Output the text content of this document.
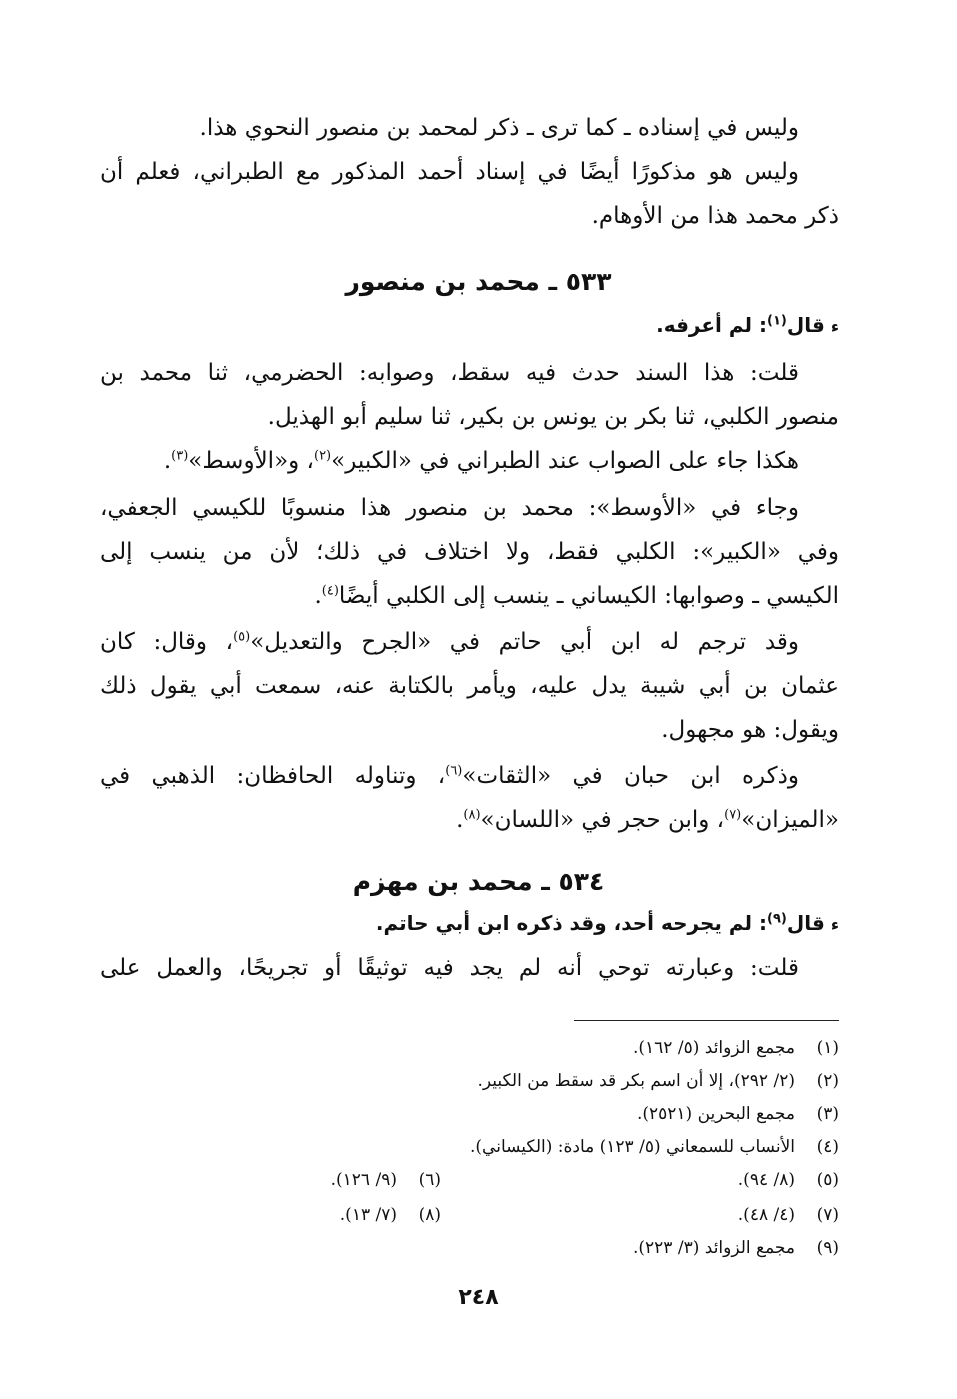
وليس في إسناده ـ كما ترى ـ ذكر لمحمد بن منصور النحوي هذا.
وليس هو مذكورًا أيضًا في إسناد أحمد المذكور مع الطبراني، فعلم أن
ذكر محمد هذا من الأوهام.
٥٣٣ ـ محمد بن منصور
ءقال$^{(١)}$: لم أعرفه.
قلت: هذا السند حدث فيه سقط، وصوابه: الحضرمي، ثنا محمد بن
منصور الكلبي، ثنا بكر بن يونس بن بكير، ثنا سليم أبو الهذيل.
هكذا جاء على الصواب عند الطبراني في «الكبير»$^{(٢)}$، و«الأوسط»$^{(٣)}$.
وجاء في «الأوسط»: محمد بن منصور هذا منسوبًا للكيسي الجعفي،
وفي «الكبير»: الكلبي فقط، ولا اختلاف في ذلك؛ لأن من ينسب إلى
الكيسي ـ وصوابها: الكيساني ـ ينسب إلى الكلبي أيضًا$^{(٤)}$.
وقد ترجم له ابن أبي حاتم في «الجرح والتعديل»$^{(٥)}$، وقال: كان
عثمان بن أبي شيبة يدل عليه، ويأمر بالكتابة عنه، سمعت أبي يقول ذلك
ويقول: هو مجهول.
وذكره ابن حبان في «الثقات»$^{(٦)}$، وتناوله الحافظان: الذهبي في
«الميزان»$^{(٧)}$، وابن حجر في «اللسان»$^{(٨)}$.
٥٣٤ ـ محمد بن مهزم
ءقال$^{(٩)}$: لم يجرحه أحد، وقد ذكره ابن أبي حاتم.
قلت: وعبارته توحي أنه لم يجد فيه توثيقًا أو تجريحًا، والعمل على
(١)مجمع الزوائد (٥/ ١٦٢).
(٢)(٢/ ٢٩٢)، إلا أن اسم بكر قد سقط من الكبير.
(٣)مجمع البحرين (٢٥٢١).
(٤)الأنساب للسمعاني (٥/ ١٢٣) مادة: (الكيساني).
(٥)(٨/ ٩٤).
(٦)(٩/ ١٢٦).
(٧)(٤/ ٤٨).
(٨)(٧/ ١٣).
(٩)مجمع الزوائد (٣/ ٢٢٣).
٢٤٨
